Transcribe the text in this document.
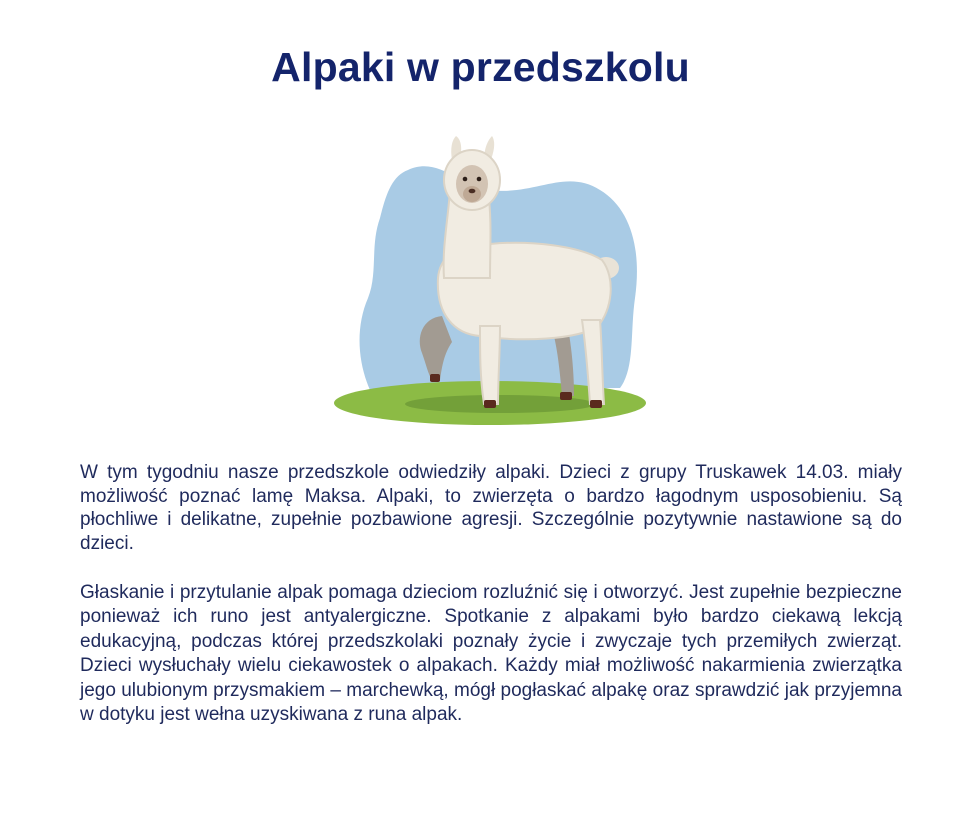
Alpaki w przedszkolu

W tym tygodniu nasze przedszkole odwiedziły alpaki. Dzieci z grupy Truskawek 14.03. miały możliwość poznać lamę Maksa. Alpaki, to zwierzęta o bardzo łagodnym usposobieniu. Są płochliwe i delikatne, zupełnie pozbawione agresji. Szczególnie pozytywnie nastawione są do dzieci.

Głaskanie i przytulanie alpak pomaga dzieciom rozluźnić się i otworzyć. Jest zupełnie bezpieczne ponieważ ich runo jest antyalergiczne. Spotkanie z alpakami było bardzo ciekawą lekcją edukacyjną, podczas której przedszkolaki poznały życie i zwyczaje tych przemiłych zwierząt. Dzieci wysłuchały wielu ciekawostek o alpakach. Każdy miał możliwość nakarmienia zwierzątka jego ulubionym przysmakiem – marchewką, mógł pogłaskać alpakę oraz sprawdzić jak przyjemna w dotyku jest wełna uzyskiwana z runa alpak.
